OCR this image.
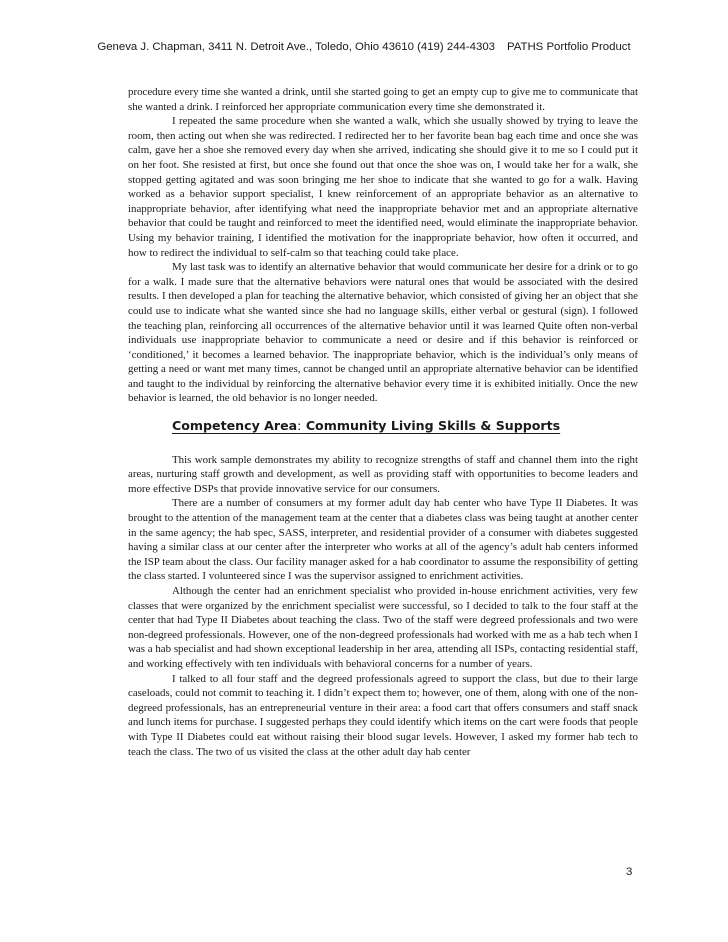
Geneva J. Chapman, 3411 N. Detroit Ave., Toledo, Ohio 43610 (419) 244-4303 PATHS Portfolio Product

procedure every time she wanted a drink, until she started going to get an empty cup to give me to communicate that she wanted a drink. I reinforced her appropriate communication every time she demonstrated it.

I repeated the same procedure when she wanted a walk, which she usually showed by trying to leave the room, then acting out when she was redirected. I redirected her to her favorite bean bag each time and once she was calm, gave her a shoe she removed every day when she arrived, indicating she should give it to me so I could put it on her foot. She resisted at first, but once she found out that once the shoe was on, I would take her for a walk, she stopped getting agitated and was soon bringing me her shoe to indicate that she wanted to go for a walk. Having worked as a behavior support specialist, I knew reinforcement of an appropriate behavior as an alternative to inappropriate behavior, after identifying what need the inappropriate behavior met and an appropriate alternative behavior that could be taught and reinforced to meet the identified need, would eliminate the inappropriate behavior. Using my behavior training, I identified the motivation for the inappropriate behavior, how often it occurred, and how to redirect the individual to self-calm so that teaching could take place.

My last task was to identify an alternative behavior that would communicate her desire for a drink or to go for a walk. I made sure that the alternative behaviors were natural ones that would be associated with the desired results. I then developed a plan for teaching the alternative behavior, which consisted of giving her an object that she could use to indicate what she wanted since she had no language skills, either verbal or gestural (sign). I followed the teaching plan, reinforcing all occurrences of the alternative behavior until it was learned Quite often non-verbal individuals use inappropriate behavior to communicate a need or desire and if this behavior is reinforced or ‘conditioned,’ it becomes a learned behavior. The inappropriate behavior, which is the individual’s only means of getting a need or want met many times, cannot be changed until an appropriate alternative behavior can be identified and taught to the individual by reinforcing the alternative behavior every time it is exhibited initially. Once the new behavior is learned, the old behavior is no longer needed.

Competency Area: Community Living Skills & Supports

This work sample demonstrates my ability to recognize strengths of staff and channel them into the right areas, nurturing staff growth and development, as well as providing staff with opportunities to become leaders and more effective DSPs that provide innovative service for our consumers.

There are a number of consumers at my former adult day hab center who have Type II Diabetes. It was brought to the attention of the management team at the center that a diabetes class was being taught at another center in the same agency; the hab spec, SASS, interpreter, and residential provider of a consumer with diabetes suggested having a similar class at our center after the interpreter who works at all of the agency’s adult hab centers informed the ISP team about the class. Our facility manager asked for a hab coordinator to assume the responsibility of getting the class started. I volunteered since I was the supervisor assigned to enrichment activities.

Although the center had an enrichment specialist who provided in-house enrichment activities, very few classes that were organized by the enrichment specialist were successful, so I decided to talk to the four staff at the center that had Type II Diabetes about teaching the class. Two of the staff were degreed professionals and two were non-degreed professionals. However, one of the non-degreed professionals had worked with me as a hab tech when I was a hab specialist and had shown exceptional leadership in her area, attending all ISPs, contacting residential staff, and working effectively with ten individuals with behavioral concerns for a number of years.

I talked to all four staff and the degreed professionals agreed to support the class, but due to their large caseloads, could not commit to teaching it. I didn’t expect them to; however, one of them, along with one of the non-degreed professionals, has an entrepreneurial venture in their area: a food cart that offers consumers and staff snack and lunch items for purchase. I suggested perhaps they could identify which items on the cart were foods that people with Type II Diabetes could eat without raising their blood sugar levels. However, I asked my former hab tech to teach the class. The two of us visited the class at the other adult day hab center

3
